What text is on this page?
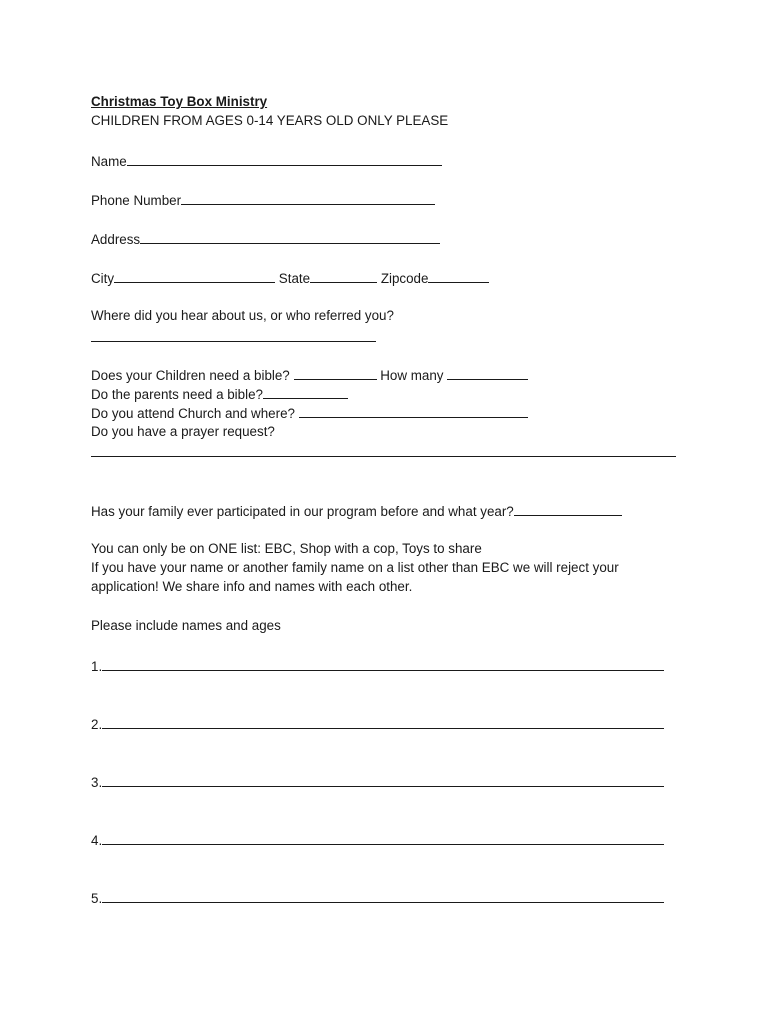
Christmas Toy Box Ministry
CHILDREN FROM AGES 0-14 YEARS OLD ONLY PLEASE
Name
Phone Number
Address
City	State	Zipcode
Where did you hear about us, or who referred you?
Does your Children need a bible?	How many
Do the parents need a bible?
Do you attend Church and where?
Do you have a prayer request?
Has your family ever participated in our program before and what year?
You can only be on ONE list: EBC, Shop with a cop, Toys to share
If you have your name or another family name on a list other than EBC we will reject your
application! We share info and names with each other.
Please include names and ages
1.
2.
3.
4.
5.
